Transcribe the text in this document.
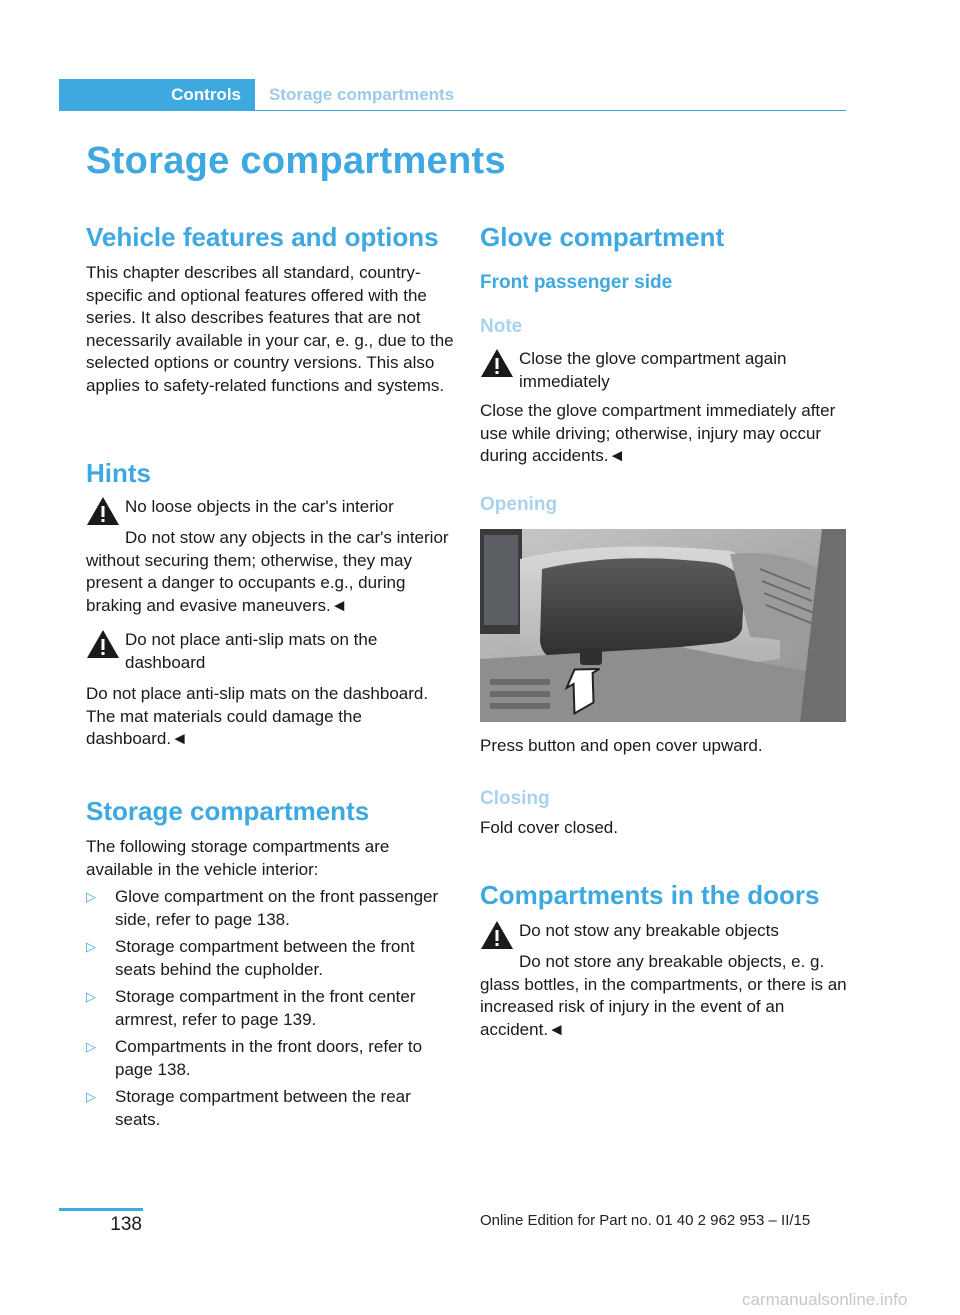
Controls	Storage compartments
Storage compartments
Vehicle features and options
This chapter describes all standard, country-specific and optional features offered with the series. It also describes features that are not necessarily available in your car, e. g., due to the selected options or country versions. This also applies to safety-related functions and systems.
Hints
No loose objects in the car's interior
Do not stow any objects in the car's interior without securing them; otherwise, they may present a danger to occupants e.g., during braking and evasive maneuvers.◄
Do not place anti-slip mats on the dashboard
Do not place anti-slip mats on the dashboard. The mat materials could damage the dashboard.◄
Storage compartments
The following storage compartments are available in the vehicle interior:
▷ Glove compartment on the front passenger side, refer to page 138.
▷ Storage compartment between the front seats behind the cupholder.
▷ Storage compartment in the front center armrest, refer to page 139.
▷ Compartments in the front doors, refer to page 138.
▷ Storage compartment between the rear seats.
Glove compartment
Front passenger side
Note
Close the glove compartment again immediately
Close the glove compartment immediately after use while driving; otherwise, injury may occur during accidents.◄
Opening
Press button and open cover upward.
Closing
Fold cover closed.
Compartments in the doors
Do not stow any breakable objects
Do not store any breakable objects, e. g. glass bottles, in the compartments, or there is an increased risk of injury in the event of an accident.◄
138	Online Edition for Part no. 01 40 2 962 953 – II/15
carmanualsonline.info
